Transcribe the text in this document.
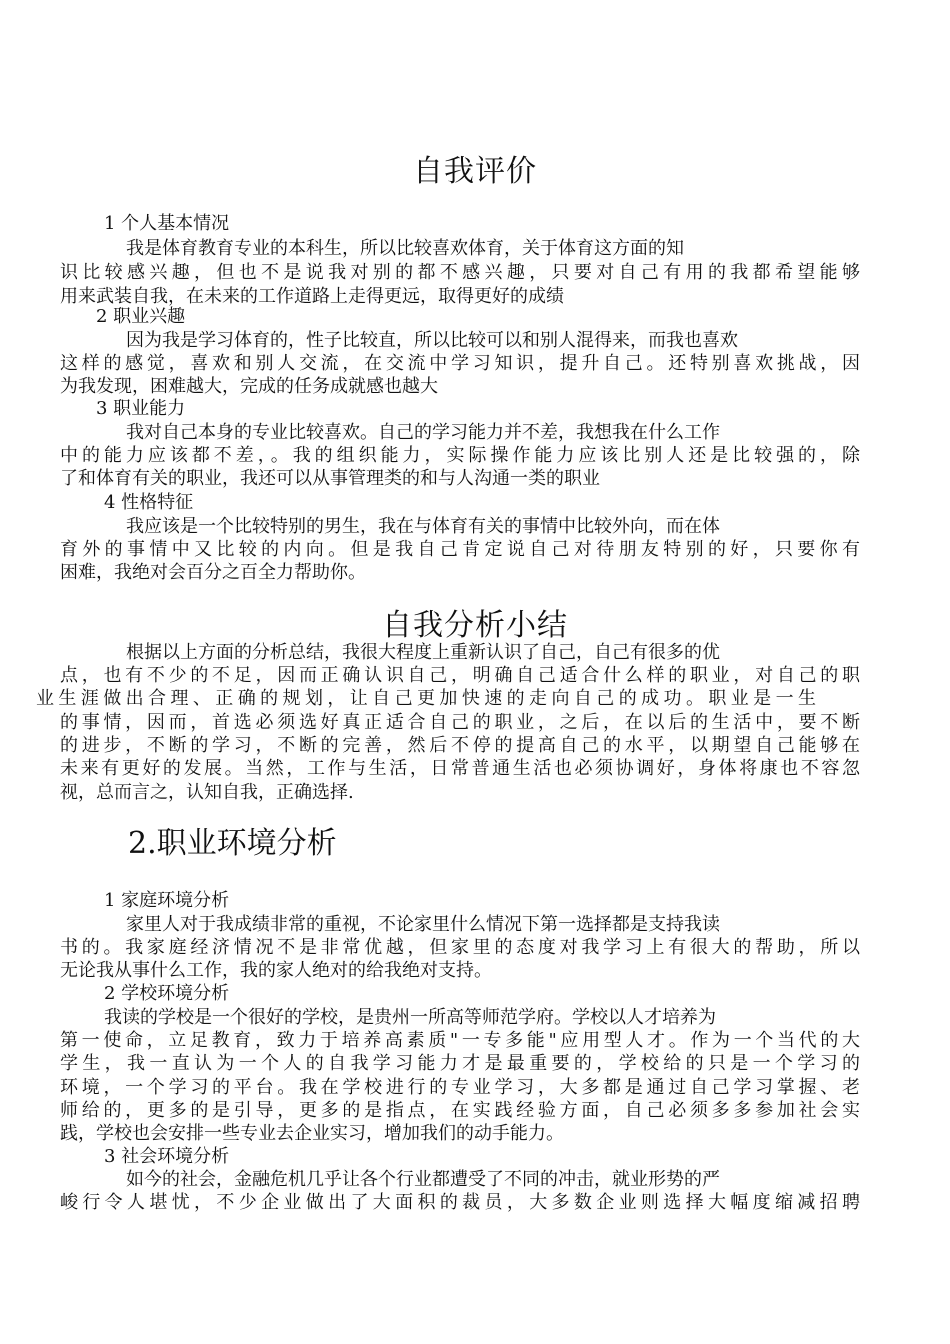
自我评价

1 个人基本情况

我是体育教育专业的本科生，所以比较喜欢体育，关于体育这方面的知

识比较感兴趣，但也不是说我对别的都不感兴趣，只要对自己有用的我都希望能够

用来武装自我，在未来的工作道路上走得更远，取得更好的成绩

2 职业兴趣

因为我是学习体育的，性子比较直，所以比较可以和别人混得来，而我也喜欢

这样的感觉，喜欢和别人交流，在交流中学习知识，提升自己。还特别喜欢挑战，因

为我发现，困难越大，完成的任务成就感也越大

3 职业能力

我对自己本身的专业比较喜欢。自己的学习能力并不差，我想我在什么工作

中的能力应该都不差，。我的组织能力，实际操作能力应该比别人还是比较强的，除

了和体育有关的职业，我还可以从事管理类的和与人沟通一类的职业

4 性格特征

我应该是一个比较特别的男生，我在与体育有关的事情中比较外向，而在体

育外的事情中又比较的内向。但是我自己肯定说自己对待朋友特别的好，只要你有

困难，我绝对会百分之百全力帮助你。

自我分析小结

根据以上方面的分析总结，我很大程度上重新认识了自己，自己有很多的优

点，也有不少的不足，因而正确认识自己，明确自己适合什么样的职业，对自己的职

业生涯做出合理、正确的规划，让自己更加快速的走向自己的成功。职业是一生

的事情，因而，首选必须选好真正适合自己的职业，之后，在以后的生活中，要不断

的进步，不断的学习，不断的完善，然后不停的提高自己的水平，以期望自己能够在

未来有更好的发展。当然，工作与生活，日常普通生活也必须协调好，身体将康也不容忽

视，总而言之，认知自我，正确选择.

2.职业环境分析

1 家庭环境分析

家里人对于我成绩非常的重视，不论家里什么情况下第一选择都是支持我读

书的。我家庭经济情况不是非常优越，但家里的态度对我学习上有很大的帮助，所以

无论我从事什么工作，我的家人绝对的给我绝对支持。

2 学校环境分析

我读的学校是一个很好的学校，是贵州一所高等师范学府。学校以人才培养为

第一使命，立足教育，致力于培养高素质"一专多能"应用型人才。作为一个当代的大

学生，我一直认为一个人的自我学习能力才是最重要的，学校给的只是一个学习的

环境，一个学习的平台。我在学校进行的专业学习，大多都是通过自己学习掌握、老

师给的，更多的是引导，更多的是指点，在实践经验方面，自己必须多多参加社会实

践，学校也会安排一些专业去企业实习，增加我们的动手能力。

3 社会环境分析

如今的社会，金融危机几乎让各个行业都遭受了不同的冲击，就业形势的严

峻行令人堪忧，不少企业做出了大面积的裁员，大多数企业则选择大幅度缩减招聘
